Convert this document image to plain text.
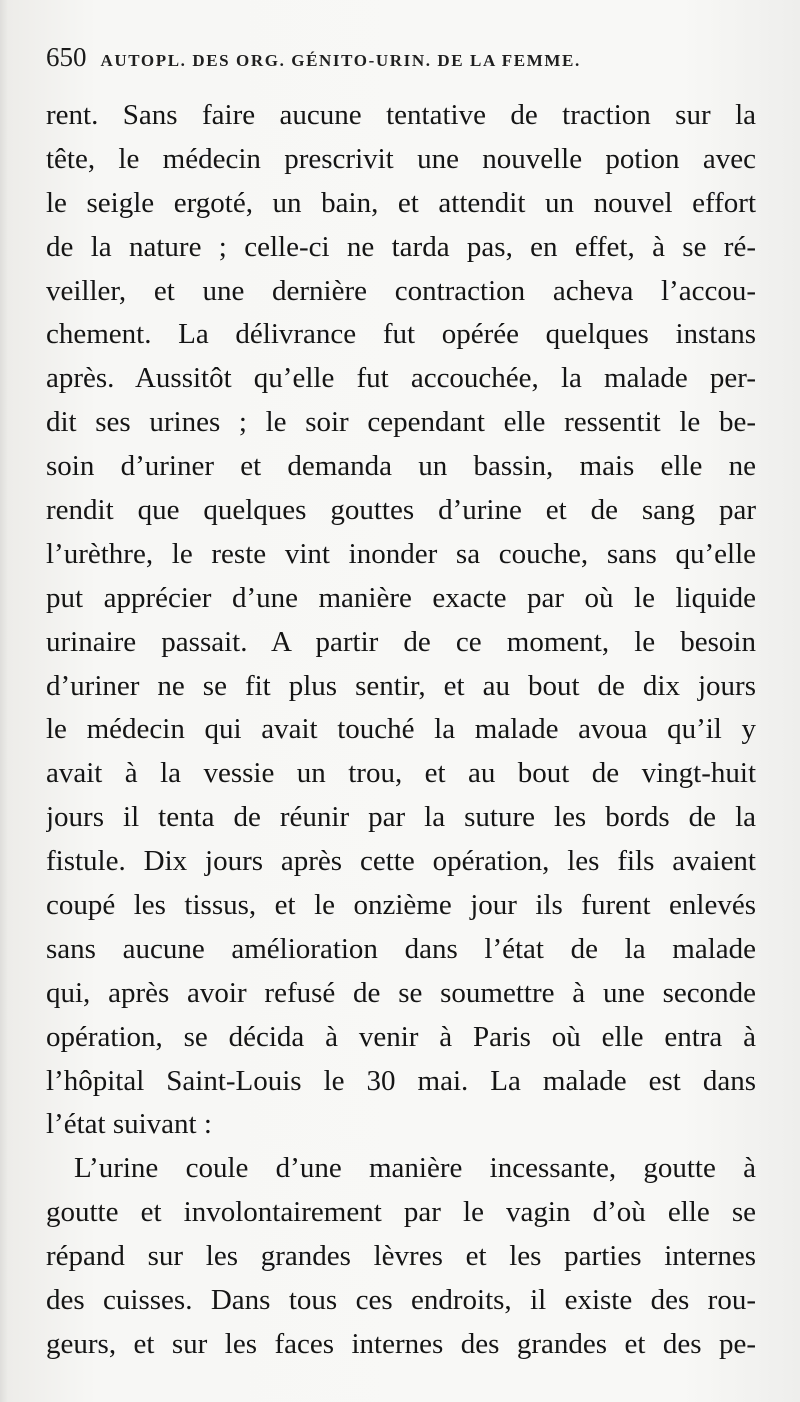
650 AUTOPL. DES ORG. GÉNITO-URIN. DE LA FEMME.
rent. Sans faire aucune tentative de traction sur la
tête, le médecin prescrivit une nouvelle potion avec
le seigle ergoté, un bain, et attendit un nouvel effort
de la nature ; celle-ci ne tarda pas, en effet, à se ré-
veiller, et une dernière contraction acheva l’accou-
chement. La délivrance fut opérée quelques instans
après. Aussitôt qu’elle fut accouchée, la malade per-
dit ses urines ; le soir cependant elle ressentit le be-
soin d’uriner et demanda un bassin, mais elle ne
rendit que quelques gouttes d’urine et de sang par
l’urèthre, le reste vint inonder sa couche, sans qu’elle
put apprécier d’une manière exacte par où le liquide
urinaire passait. A partir de ce moment, le besoin
d’uriner ne se fit plus sentir, et au bout de dix jours
le médecin qui avait touché la malade avoua qu’il y
avait à la vessie un trou, et au bout de vingt-huit
jours il tenta de réunir par la suture les bords de la
fistule. Dix jours après cette opération, les fils avaient
coupé les tissus, et le onzième jour ils furent enlevés
sans aucune amélioration dans l’état de la malade
qui, après avoir refusé de se soumettre à une seconde
opération, se décida à venir à Paris où elle entra à
l’hôpital Saint-Louis le 30 mai. La malade est dans
l’état suivant :
L’urine coule d’une manière incessante, goutte à
goutte et involontairement par le vagin d’où elle se
répand sur les grandes lèvres et les parties internes
des cuisses. Dans tous ces endroits, il existe des rou-
geurs, et sur les faces internes des grandes et des pe-
